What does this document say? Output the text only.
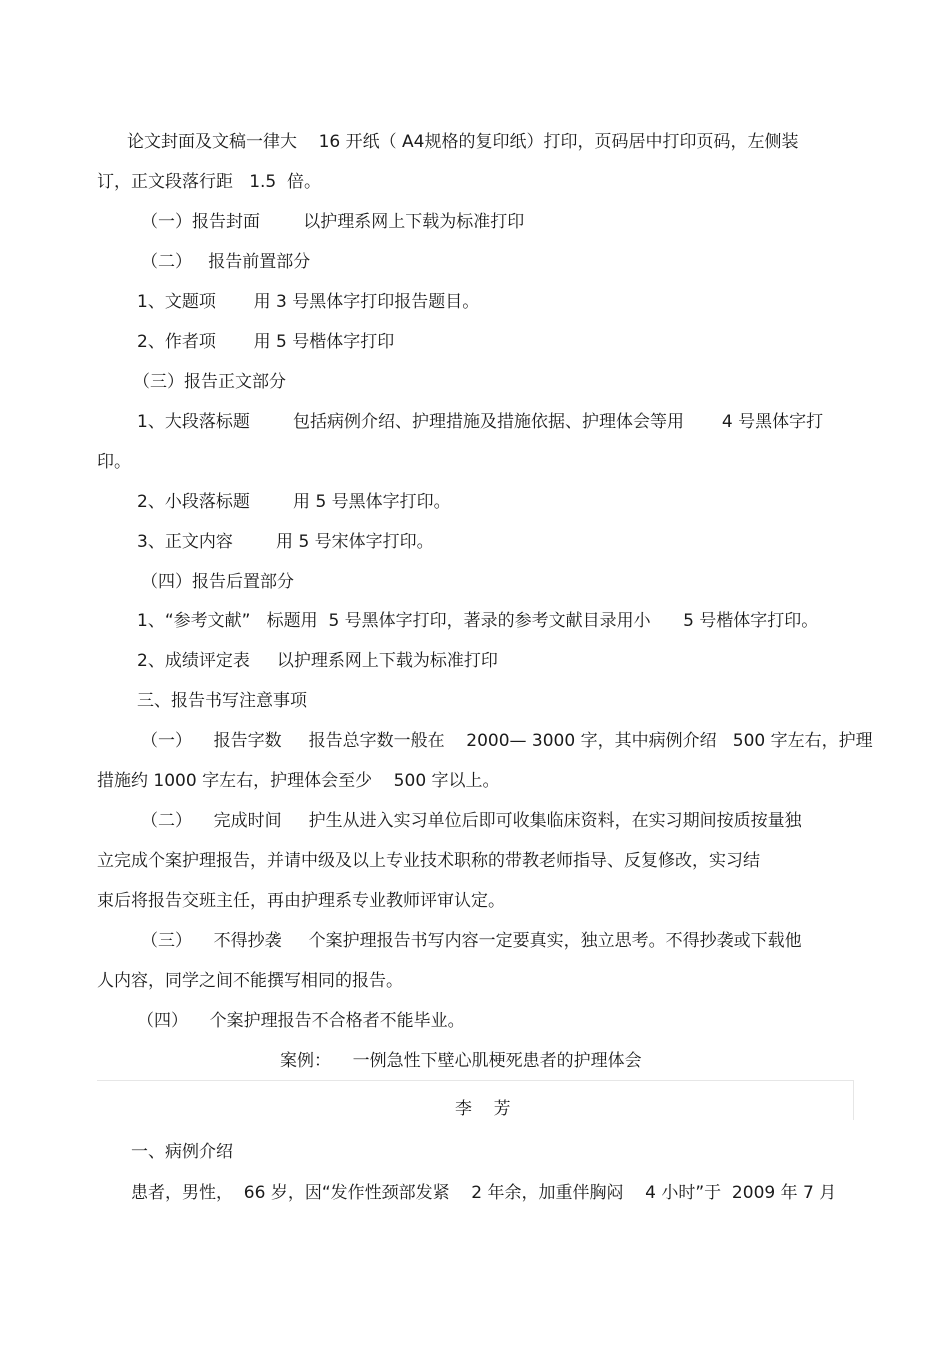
论文封面及文稿一律大    16 开纸（ A4规格的复印纸）打印，页码居中打印页码，左侧装
订，正文段落行距   1.5  倍。
（一）报告封面        以护理系网上下载为标准打印
（二）   报告前置部分
1、文题项       用 3 号黑体字打印报告题目。
2、作者项       用 5 号楷体字打印
（三）报告正文部分
1、大段落标题        包括病例介绍、护理措施及措施依据、护理体会等用       4 号黑体字打
印。
2、小段落标题        用 5 号黑体字打印。
3、正文内容        用 5 号宋体字打印。
（四）报告后置部分
1、“参考文献”   标题用  5 号黑体字打印，著录的参考文献目录用小      5 号楷体字打印。
2、成绩评定表     以护理系网上下载为标准打印
三、报告书写注意事项
（一）    报告字数     报告总字数一般在    2000— 3000 字，其中病例介绍   500 字左右，护理
措施约 1000 字左右，护理体会至少    500 字以上。
（二）    完成时间     护生从进入实习单位后即可收集临床资料，在实习期间按质按量独
立完成个案护理报告，并请中级及以上专业技术职称的带教老师指导、反复修改，实习结
束后将报告交班主任，再由护理系专业教师评审认定。
（三）    不得抄袭     个案护理报告书写内容一定要真实，独立思考。不得抄袭或下载他
人内容，同学之间不能撰写相同的报告。
（四）    个案护理报告不合格者不能毕业。
案例：    一例急性下壁心肌梗死患者的护理体会
李    芳
一、病例介绍
患者，男性，  66 岁，因“发作性颈部发紧    2 年余，加重伴胸闷    4 小时”于  2009 年 7 月
